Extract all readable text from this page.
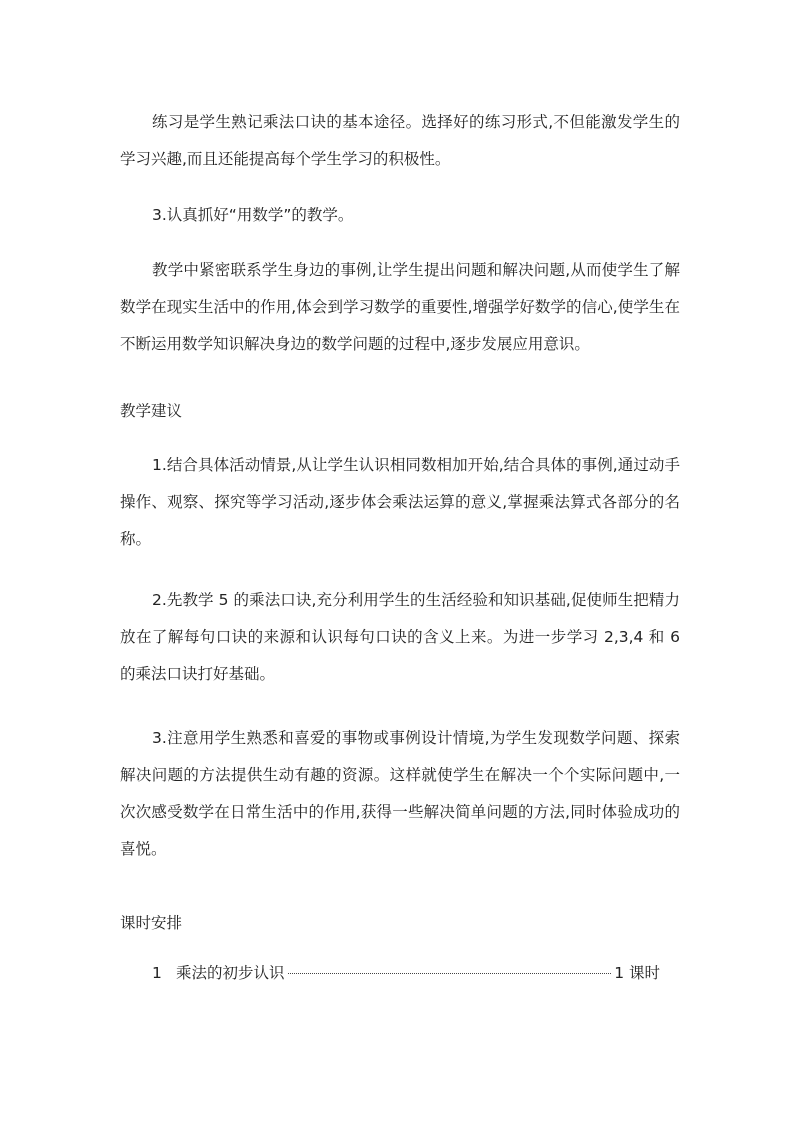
练习是学生熟记乘法口诀的基本途径。选择好的练习形式,不但能激发学生的学习兴趣,而且还能提高每个学生学习的积极性。

3.认真抓好“用数学”的教学。

教学中紧密联系学生身边的事例,让学生提出问题和解决问题,从而使学生了解数学在现实生活中的作用,体会到学习数学的重要性,增强学好数学的信心,使学生在不断运用数学知识解决身边的数学问题的过程中,逐步发展应用意识。

教学建议

1.结合具体活动情景,从让学生认识相同数相加开始,结合具体的事例,通过动手操作、观察、探究等学习活动,逐步体会乘法运算的意义,掌握乘法算式各部分的名称。

2.先教学 5 的乘法口诀,充分利用学生的生活经验和知识基础,促使师生把精力放在了解每句口诀的来源和认识每句口诀的含义上来。为进一步学习 2,3,4 和 6 的乘法口诀打好基础。

3.注意用学生熟悉和喜爱的事物或事例设计情境,为学生发现数学问题、探索解决问题的方法提供生动有趣的资源。这样就使学生在解决一个个实际问题中,一次次感受数学在日常生活中的作用,获得一些解决简单问题的方法,同时体验成功的喜悦。

课时安排

1 乘法的初步认识	1 课时
